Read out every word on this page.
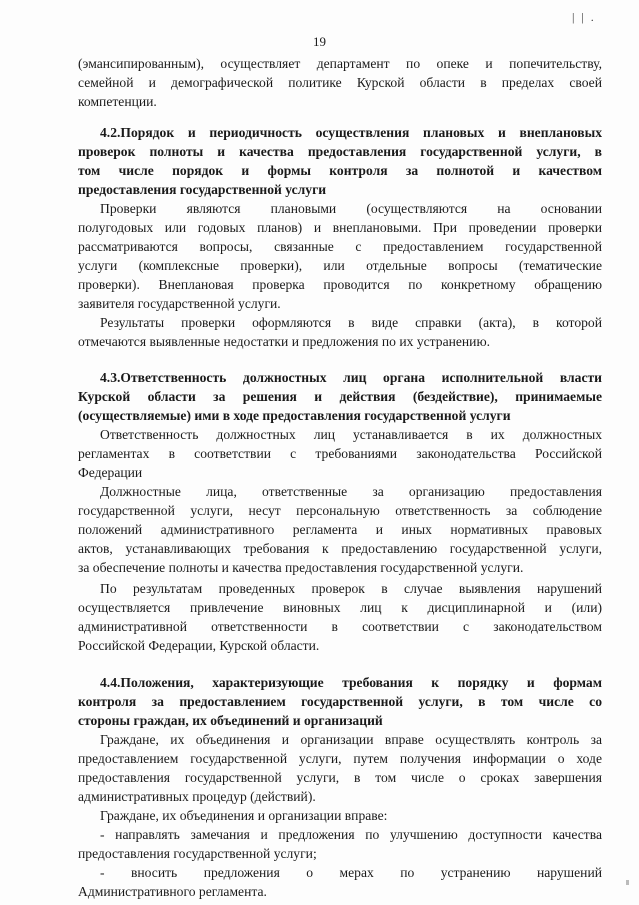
| | .
19
(эмансипированным), осуществляет департамент по опеке и попечительству,
семейной и демографической политике Курской области в пределах своей
компетенции.
4.2.Порядок и периодичность осуществления плановых и внеплановых
проверок полноты и качества предоставления государственной услуги, в
том числе порядок и формы контроля за полнотой и качеством
предоставления государственной услуги
Проверки являются плановыми (осуществляются на основании
полугодовых или годовых планов) и внеплановыми. При проведении проверки
рассматриваются вопросы, связанные с предоставлением государственной
услуги (комплексные проверки), или отдельные вопросы (тематические
проверки). Внеплановая проверка проводится по конкретному обращению
заявителя государственной услуги.
Результаты проверки оформляются в виде справки (акта), в которой
отмечаются выявленные недостатки и предложения по их устранению.
4.3.Ответственность должностных лиц органа исполнительной власти
Курской области за решения и действия (бездействие), принимаемые
(осуществляемые) ими в ходе предоставления государственной услуги
Ответственность должностных лиц устанавливается в их должностных
регламентах в соответствии с требованиями законодательства Российской
Федерации
Должностные лица, ответственные за организацию предоставления
государственной услуги, несут персональную ответственность за соблюдение
положений административного регламента и иных нормативных правовых
актов, устанавливающих требования к предоставлению государственной услуги,
за обеспечение полноты и качества предоставления государственной услуги.
По результатам проведенных проверок в случае выявления нарушений
осуществляется привлечение виновных лиц к дисциплинарной и (или)
административной ответственности в соответствии с законодательством
Российской Федерации, Курской области.
4.4.Положения, характеризующие требования к порядку и формам
контроля за предоставлением государственной услуги, в том числе со
стороны граждан, их объединений и организаций
Граждане, их объединения и организации вправе осуществлять контроль за
предоставлением государственной услуги, путем получения информации о ходе
предоставления государственной услуги, в том числе о сроках завершения
административных процедур (действий).
Граждане, их объединения и организации вправе:
- направлять замечания и предложения по улучшению доступности качества
предоставления государственной услуги;
- вносить предложения о мерах по устранению нарушений
Административного регламента.
